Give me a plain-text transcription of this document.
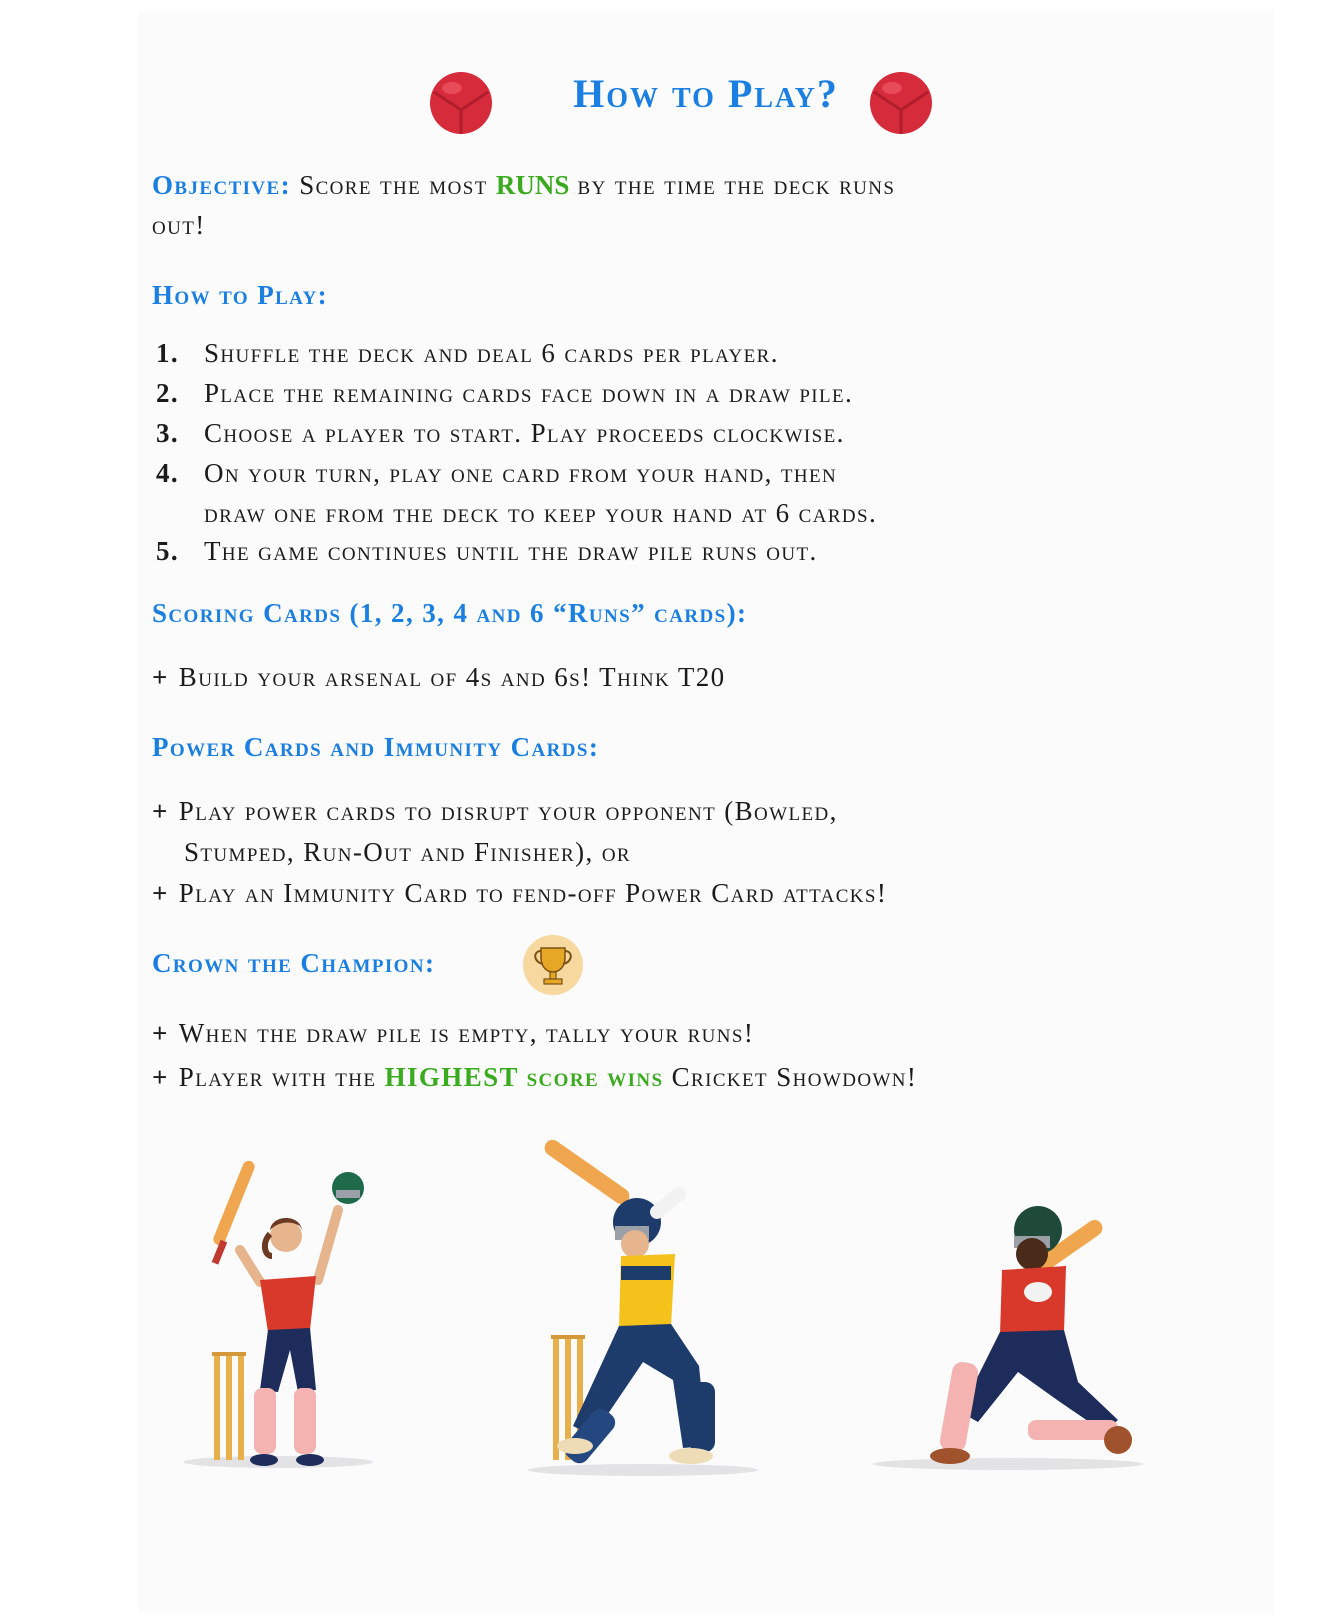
How to Play?
Objective: Score the most RUNS by the time the deck runs
out!
How to Play:
1. Shuffle the deck and deal 6 cards per player.
2. Place the remaining cards face down in a draw pile.
3. Choose a player to start. Play proceeds clockwise.
4. On your turn, play one card from your hand, then
draw one from the deck to keep your hand at 6 cards.
5. The game continues until the draw pile runs out.
Scoring Cards (1, 2, 3, 4 and 6 “Runs” cards):
+ Build your arsenal of 4s and 6s! Think T20
Power Cards and Immunity Cards:
+ Play power cards to disrupt your opponent (Bowled,
Stumped, Run-Out and Finisher), or
+ Play an Immunity Card to fend-off Power Card attacks!
Crown the Champion:
+ When the draw pile is empty, tally your runs!
+ Player with the HIGHEST score wins Cricket Showdown!
